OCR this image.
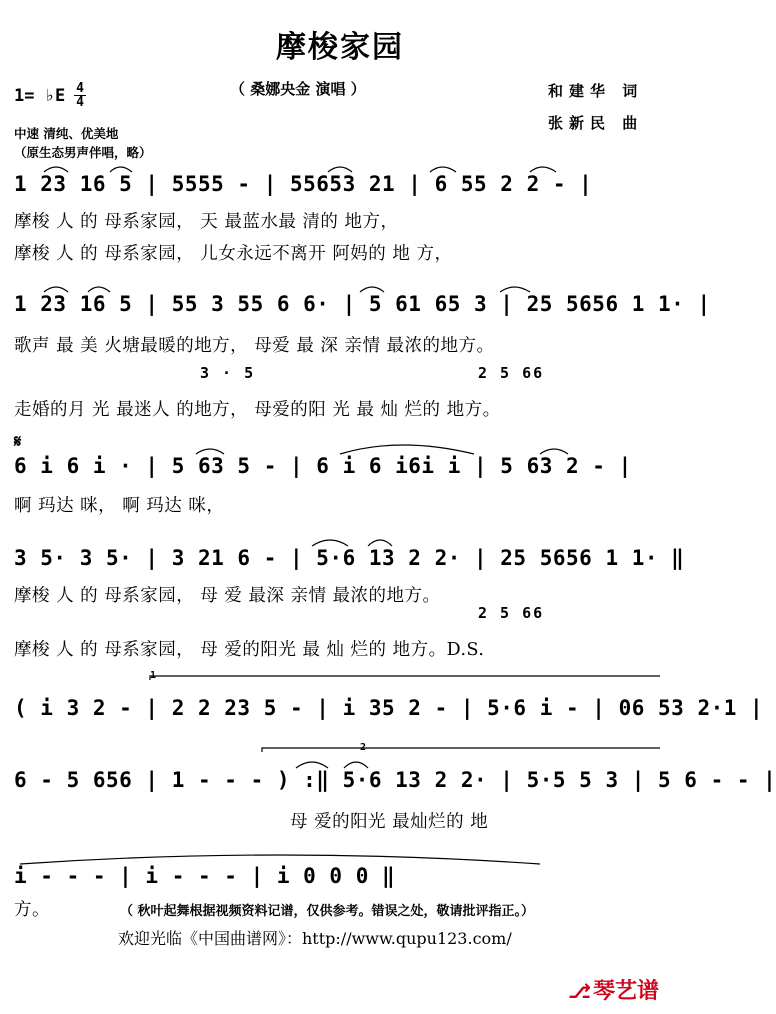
摩梭家园
（ 桑娜央金 演唱 ）	和建华 词
张新民 曲
1= ♭E $\frac{4}{4}$
中速 清纯、优美地
（原生态男声伴唱，略）
1 23 16 5 | 5555 - | 55653 21 | 6 55 2 2 - |
摩梭 人 的 母系家园， 天 最蓝水最 清的 地方，
摩梭 人 的 母系家园， 儿女永远不离开 阿妈的 地 方，
1 23 16 5 | 55 3 55 6 6· | 5 61 65 3 | 25 5656 1 1· |
歌声 最 美 火塘最暖的地方， 母爱 最 深 亲情 最浓的地方。
3 · 5	2 5 66
走婚的月 光 最迷人 的地方， 母爱的阳 光 最 灿 烂的 地方。
𝄋
6 i 6 i · | 5 63 5 - | 6 i 6 i6i i | 5 63 2 - |
啊 玛达 咪， 啊 玛达 咪，
3 5· 3 5· | 3 21 6 - | 5·6 13 2 2· | 25 5656 1 1· ‖
摩梭 人 的 母系家园， 母 爱 最深 亲情 最浓的地方。
2 5 66
摩梭 人 的 母系家园， 母 爱的阳光 最 灿 烂的 地方。D.S.
1
( i 3 2 - | 2 2 23 5 - | i 35 2 - | 5·6 i - | 06 53 2·1 |
2
6 - 5 656 | 1 - - - ) :‖ 5·6 13 2 2· | 5·5 5 3 | 5 6 - - |
母 爱的阳光 最灿烂的 地
i - - - | i - - - | i 0 0 0 ‖
方。	（ 秋叶起舞根据视频资料记谱，仅供参考。错误之处，敬请批评指正。）
欢迎光临《中国曲谱网》：http://www.qupu123.com/
⎇琴艺谱
